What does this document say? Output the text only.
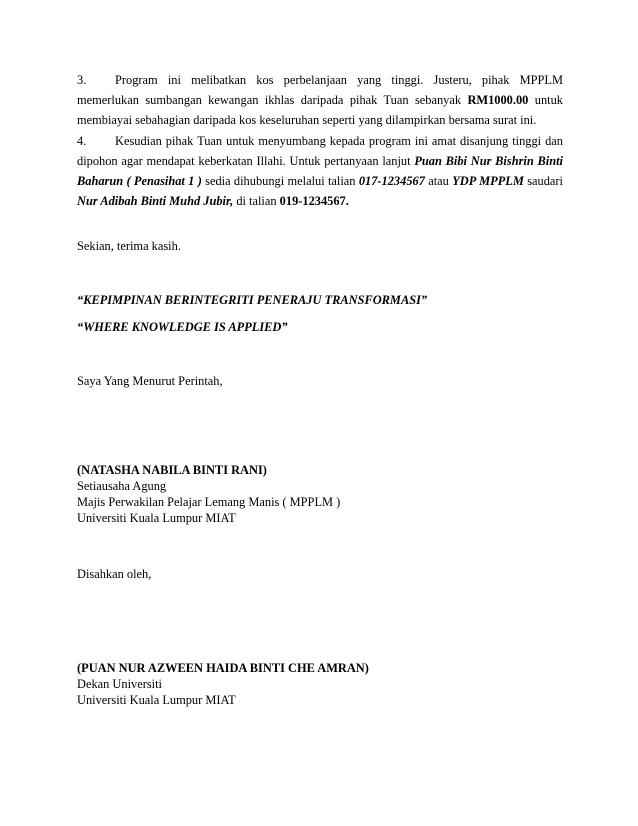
3. Program ini melibatkan kos perbelanjaan yang tinggi. Justeru, pihak MPPLM memerlukan sumbangan kewangan ikhlas daripada pihak Tuan sebanyak RM1000.00 untuk membiayai sebahagian daripada kos keseluruhan seperti yang dilampirkan bersama surat ini.

4. Kesudian pihak Tuan untuk menyumbang kepada program ini amat disanjung tinggi dan dipohon agar mendapat keberkatan Illahi. Untuk pertanyaan lanjut Puan Bibi Nur Bishrin Binti Baharun ( Penasihat 1 ) sedia dihubungi melalui talian 017-1234567 atau YDP MPPLM saudari Nur Adibah Binti Muhd Jubir, di talian 019-1234567.

Sekian, terima kasih.

“KEPIMPINAN BERINTEGRITI PENERAJU TRANSFORMASI”

“WHERE KNOWLEDGE IS APPLIED”

Saya Yang Menurut Perintah,

(NATASHA NABILA BINTI RANI)

Setiausaha Agung

Majis Perwakilan Pelajar Lemang Manis ( MPPLM )

Universiti Kuala Lumpur MIAT

Disahkan oleh,

(PUAN NUR AZWEEN HAIDA BINTI CHE AMRAN)

Dekan Universiti

Universiti Kuala Lumpur MIAT
